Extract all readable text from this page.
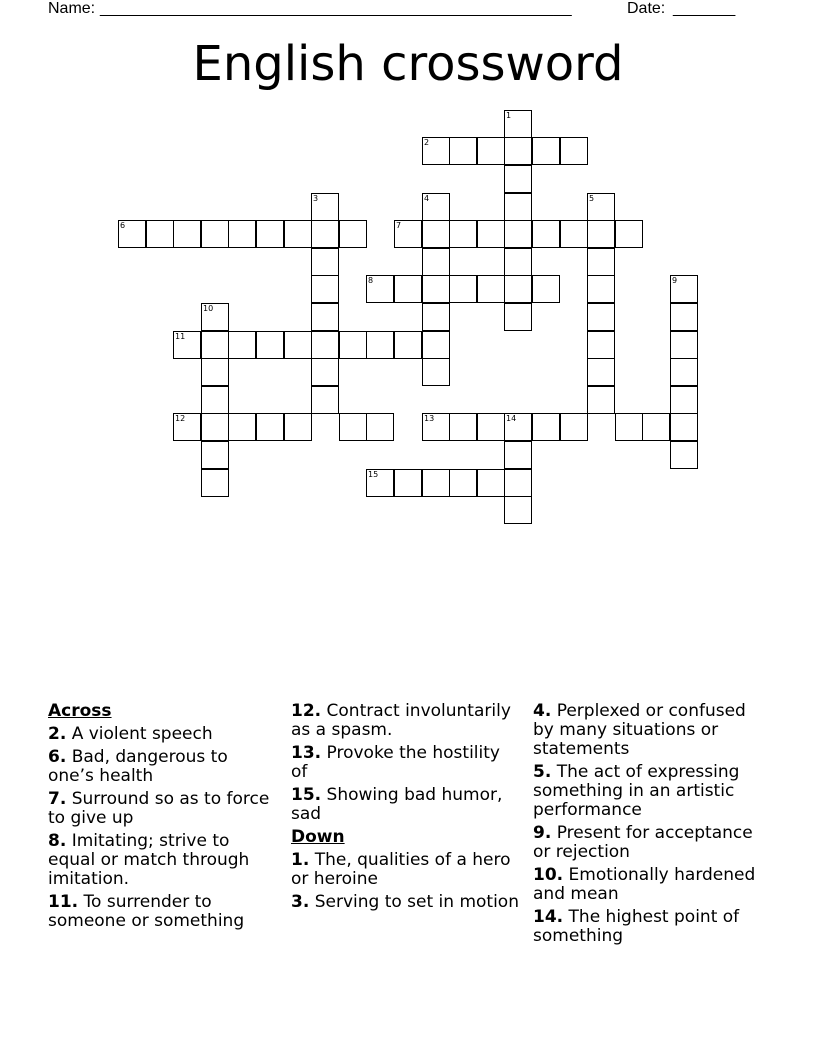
Name: _____________________________________________________	Date: _______
English crossword
1
2
3	4	5
6	7
8	9
10
11
12	13	14
15
Across
2. A violent speech
6. Bad, dangerous to one’s health
7. Surround so as to force to give up
8. Imitating; strive to equal or match through imitation.
11. To surrender to someone or something
12. Contract involuntarily as a spasm.
13. Provoke the hostility of
15. Showing bad humor, sad
Down
1. The, qualities of a hero or heroine
3. Serving to set in motion
4. Perplexed or confused by many situations or statements
5. The act of expressing something in an artistic performance
9. Present for acceptance or rejection
10. Emotionally hardened and mean
14. The highest point of something
